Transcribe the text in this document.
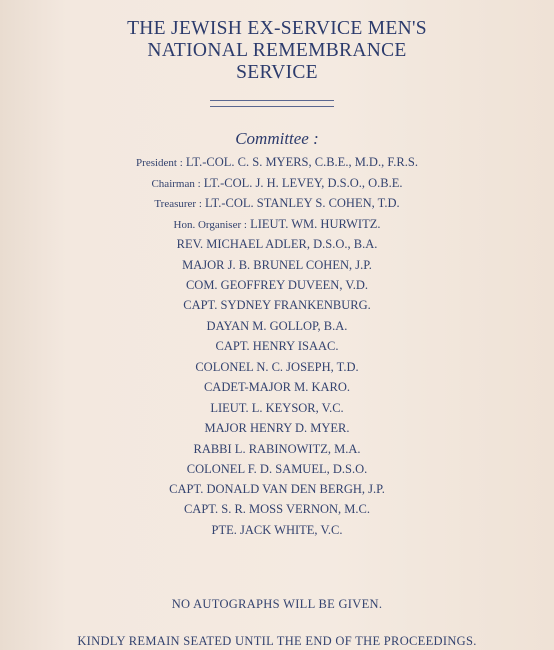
THE JEWISH EX-SERVICE MEN'S
NATIONAL REMEMBRANCE
SERVICE
Committee :
President : LT.-COL. C. S. MYERS, C.B.E., M.D., F.R.S.
Chairman : LT.-COL. J. H. LEVEY, D.S.O., O.B.E.
Treasurer : LT.-COL. STANLEY S. COHEN, T.D.
Hon. Organiser : LIEUT. WM. HURWITZ.
REV. MICHAEL ADLER, D.S.O., B.A.
MAJOR J. B. BRUNEL COHEN, J.P.
COM. GEOFFREY DUVEEN, V.D.
CAPT. SYDNEY FRANKENBURG.
DAYAN M. GOLLOP, B.A.
CAPT. HENRY ISAAC.
COLONEL N. C. JOSEPH, T.D.
CADET-MAJOR M. KARO.
LIEUT. L. KEYSOR, V.C.
MAJOR HENRY D. MYER.
RABBI L. RABINOWITZ, M.A.
COLONEL F. D. SAMUEL, D.S.O.
CAPT. DONALD VAN DEN BERGH, J.P.
CAPT. S. R. MOSS VERNON, M.C.
PTE. JACK WHITE, V.C.
NO AUTOGRAPHS WILL BE GIVEN.
KINDLY REMAIN SEATED UNTIL THE END OF THE PROCEEDINGS.
